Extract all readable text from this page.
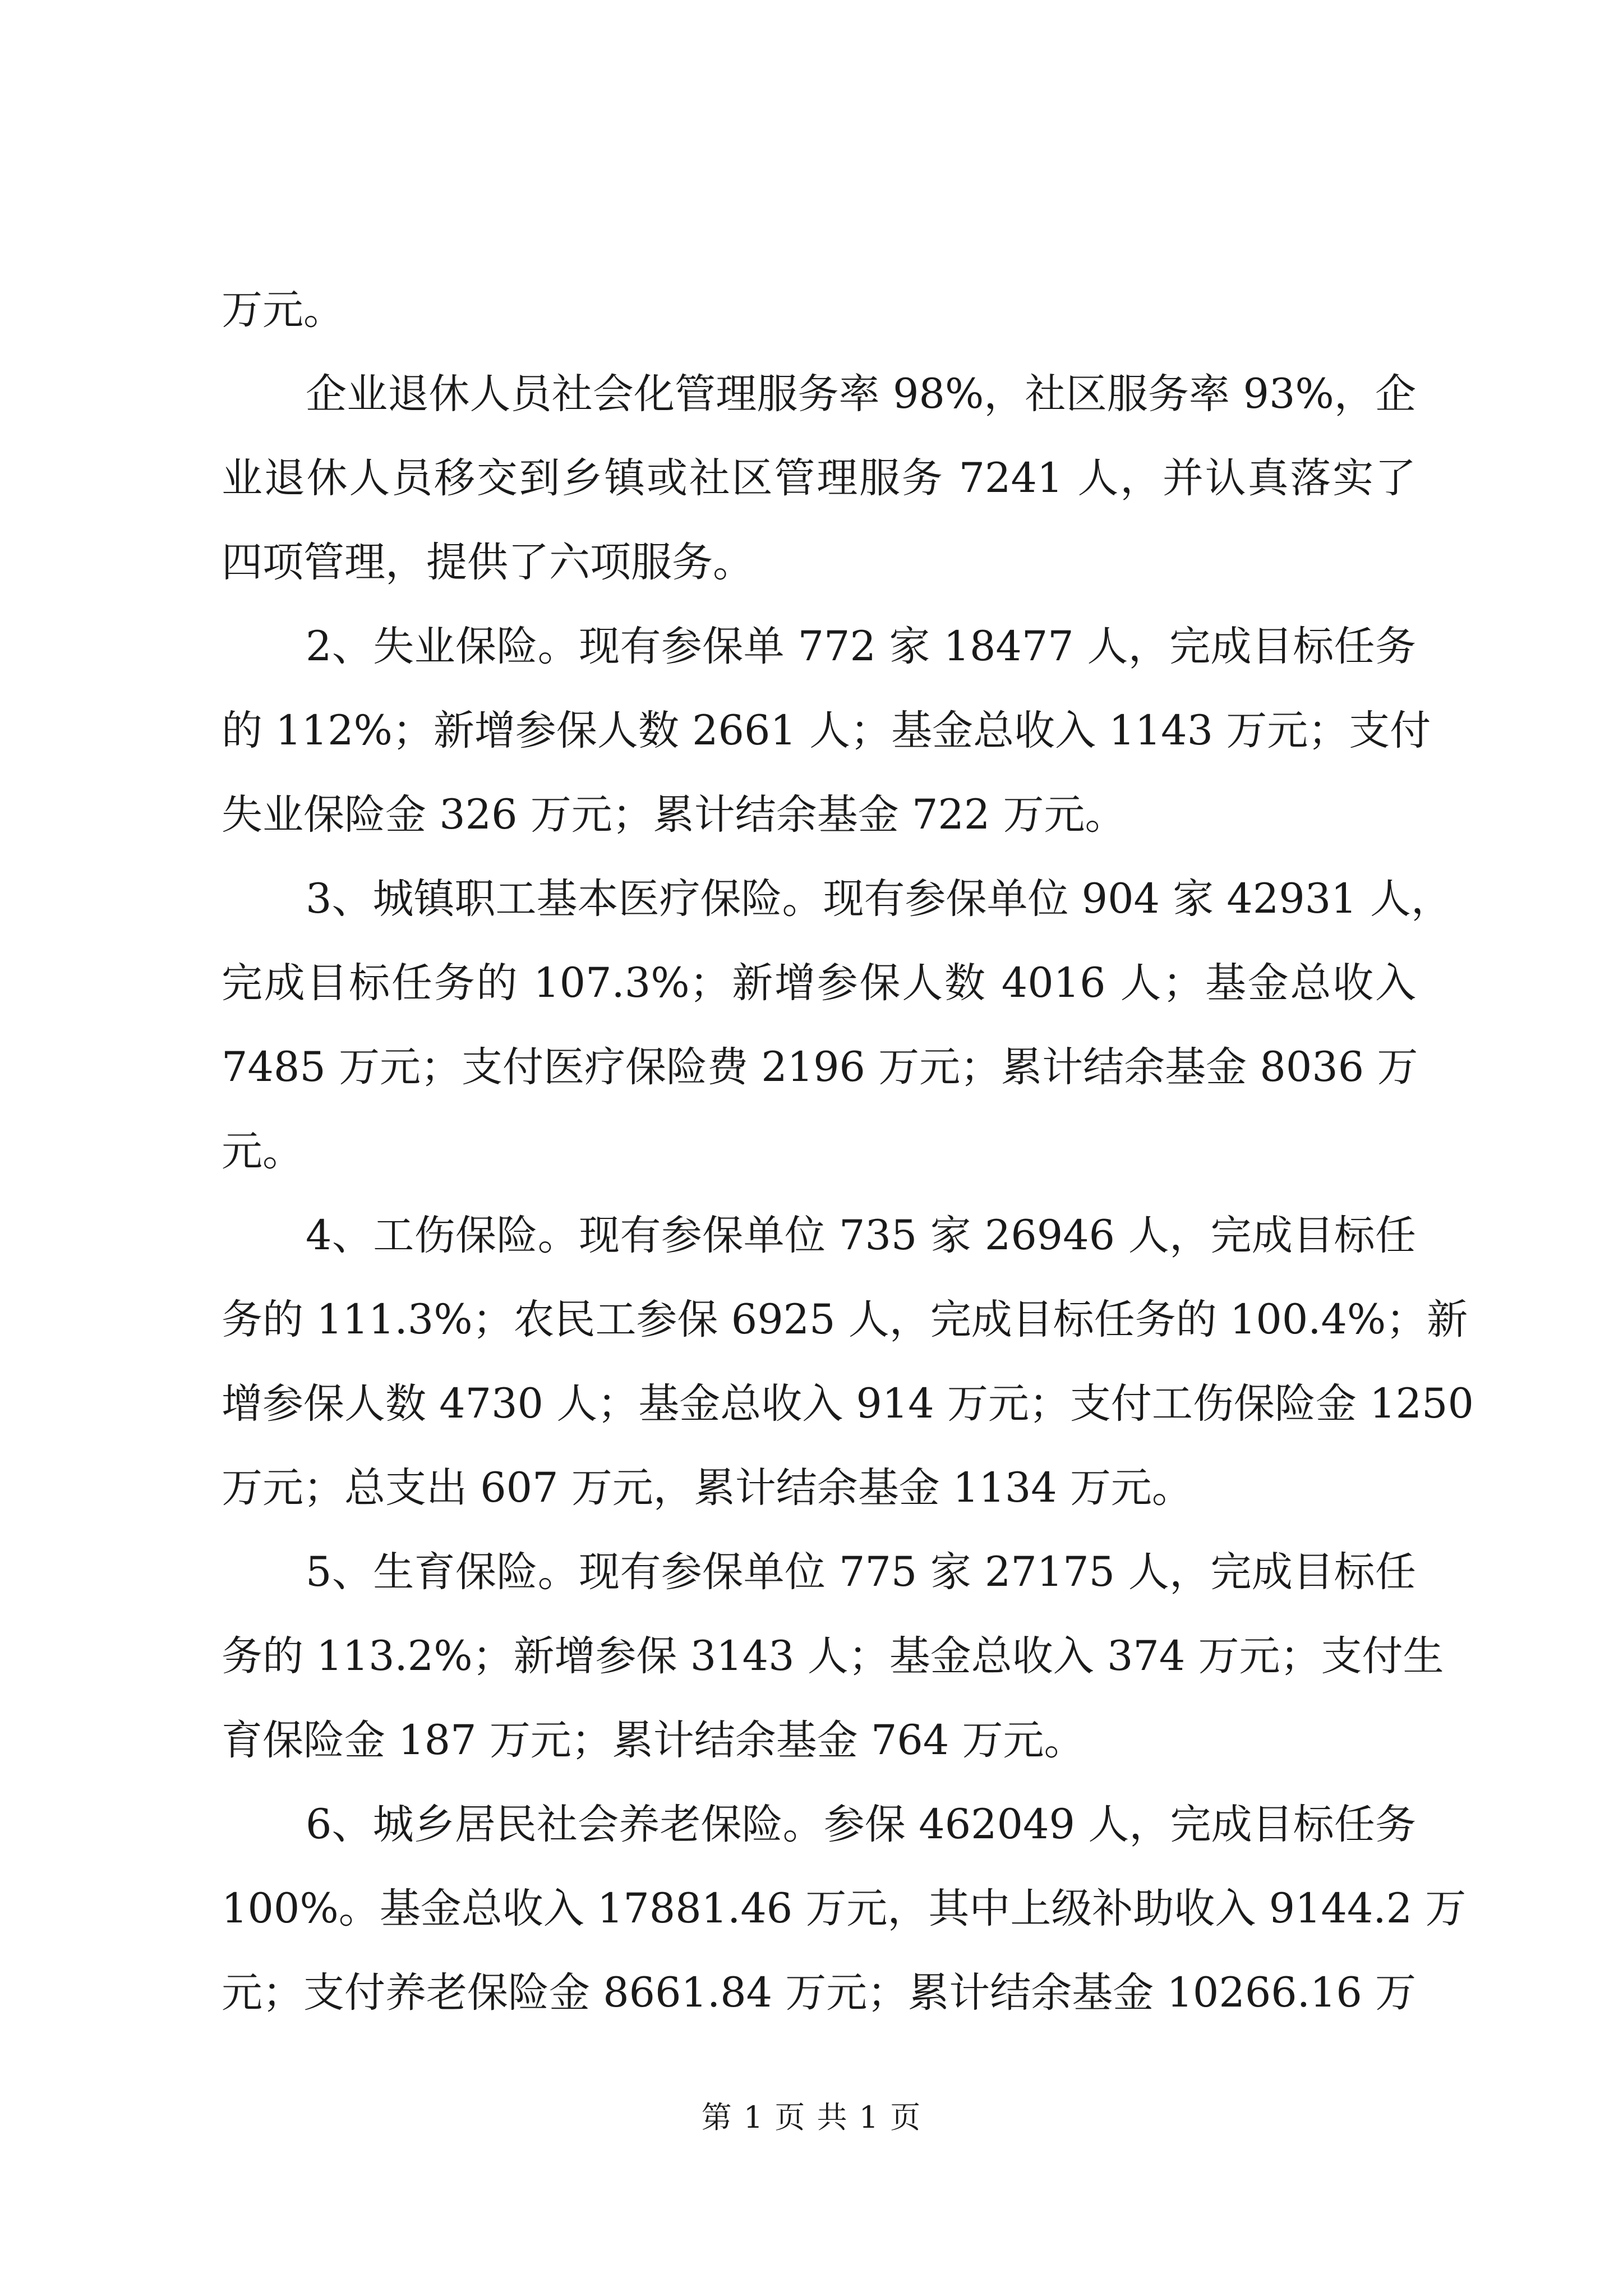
万元。
企业退休人员社会化管理服务率 98%，社区服务率 93%，企
业退休人员移交到乡镇或社区管理服务 7241 人，并认真落实了
四项管理，提供了六项服务。
2、失业保险。现有参保单 772 家 18477 人，完成目标任务
的 112%；新增参保人数 2661 人；基金总收入 1143 万元；支付
失业保险金 326 万元；累计结余基金 722 万元。
3、城镇职工基本医疗保险。现有参保单位 904 家 42931 人，
完成目标任务的 107.3%；新增参保人数 4016 人；基金总收入
7485 万元；支付医疗保险费 2196 万元；累计结余基金 8036 万
元。
4、工伤保险。现有参保单位 735 家 26946 人，完成目标任
务的 111.3%；农民工参保 6925 人，完成目标任务的 100.4%；新
增参保人数 4730 人；基金总收入 914 万元；支付工伤保险金 1250
万元；总支出 607 万元，累计结余基金 1134 万元。
5、生育保险。现有参保单位 775 家 27175 人，完成目标任
务的 113.2%；新增参保 3143 人；基金总收入 374 万元；支付生
育保险金 187 万元；累计结余基金 764 万元。
6、城乡居民社会养老保险。参保 462049 人，完成目标任务
100%。基金总收入 17881.46 万元，其中上级补助收入 9144.2 万
元；支付养老保险金 8661.84 万元；累计结余基金 10266.16 万
第 1 页 共 1 页
